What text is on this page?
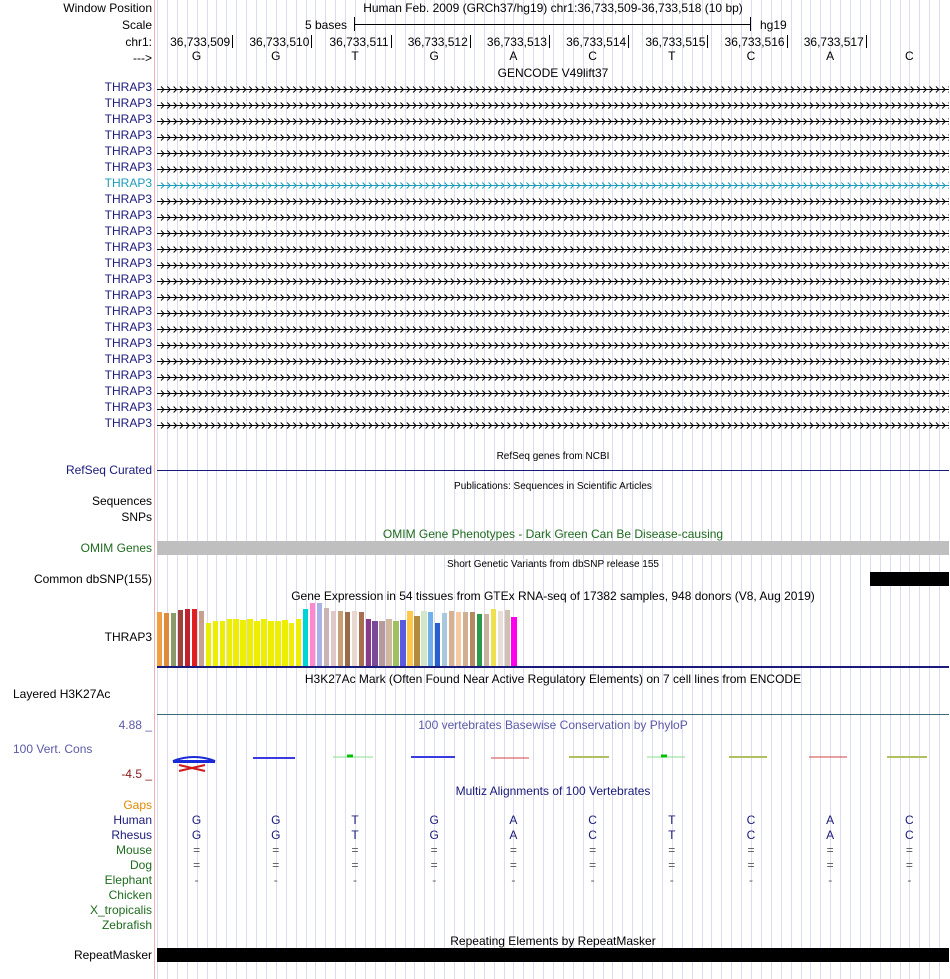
Window Position
Scale
chr1:
--->
Human Feb. 2009 (GRCh37/hg19) chr1:36,733,509-36,733,518 (10 bp)
5 bases	hg19
36,733,509	36,733,510	36,733,511	36,733,512	36,733,513	36,733,514	36,733,515	36,733,516	36,733,517
G	G	T	G	A	C	T	C	A	C
GENCODE V49lift37
THRAP3
THRAP3
THRAP3
THRAP3
THRAP3
THRAP3
THRAP3
THRAP3
THRAP3
THRAP3
THRAP3
THRAP3
THRAP3
THRAP3
THRAP3
THRAP3
THRAP3
THRAP3
THRAP3
THRAP3
THRAP3
THRAP3
RefSeq genes from NCBI
RefSeq Curated
Publications: Sequences in Scientific Articles
Sequences
SNPs
OMIM Gene Phenotypes - Dark Green Can Be Disease-causing
OMIM Genes
Short Genetic Variants from dbSNP release 155
Common dbSNP(155)
Gene Expression in 54 tissues from GTEx RNA-seq of 17382 samples, 948 donors (V8, Aug 2019)
THRAP3
H3K27Ac Mark (Often Found Near Active Regulatory Elements) on 7 cell lines from ENCODE
Layered H3K27Ac
100 vertebrates Basewise Conservation by PhyloP
4.88 _
100 Vert. Cons
-4.5 _
Multiz Alignments of 100 Vertebrates
Gaps
Human	G	G	T	G	A	C	T	C	A	C
Rhesus	G	G	T	G	A	C	T	C	A	C
Mouse	=	=	=	=	=	=	=	=	=	=
Dog	=	=	=	=	=	=	=	=	=	=
Elephant	-	-	-	-	-	-	-	-	-	-
Chicken
X_tropicalis
Zebrafish
Repeating Elements by RepeatMasker
RepeatMasker
